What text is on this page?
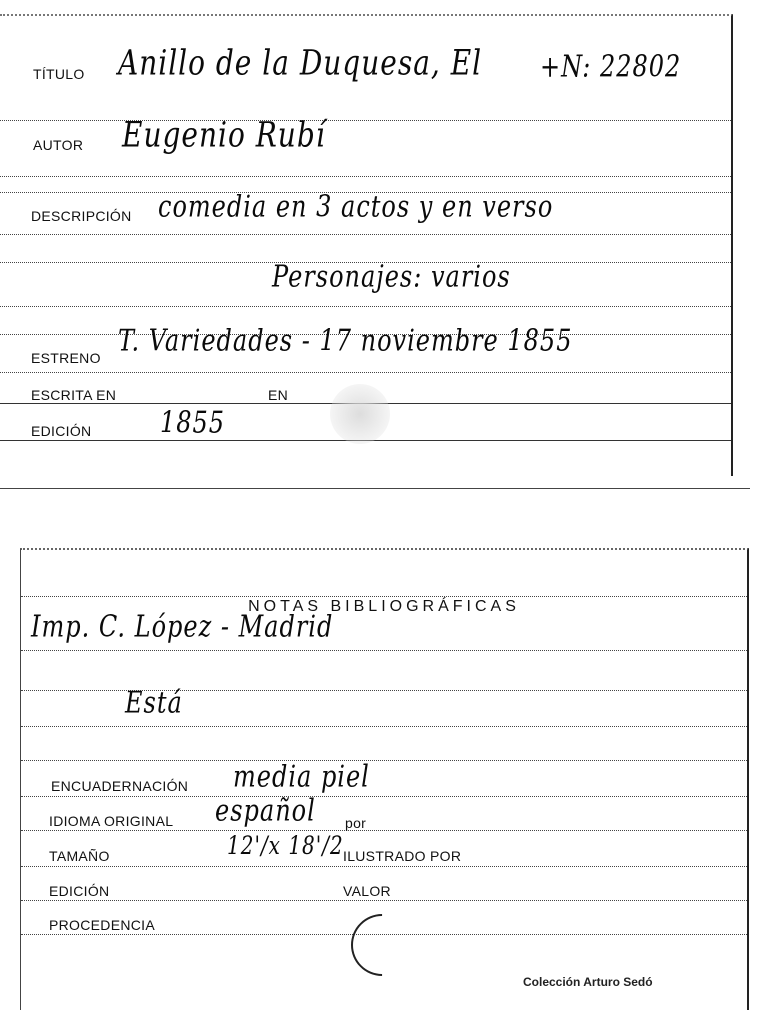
TÍTULO Anillo de la Duquesa, El +N: 22802
AUTOR Eugenio Rubí
DESCRIPCIÓN comedia en 3 actos y en verso
Personajes: varios
ESTRENO T. Variedades - 17 noviembre 1855
ESCRITA EN	EN
EDICIÓN	1855
NOTAS BIBLIOGRÁFICAS
Imp. C. López - Madrid
Está
ENCUADERNACIÓN media piel
IDIOMA ORIGINAL español por
TAMAÑO	12'/x 18'/2 ILUSTRADO POR
EDICIÓN	VALOR
PROCEDENCIA
Colección Arturo Sedó
